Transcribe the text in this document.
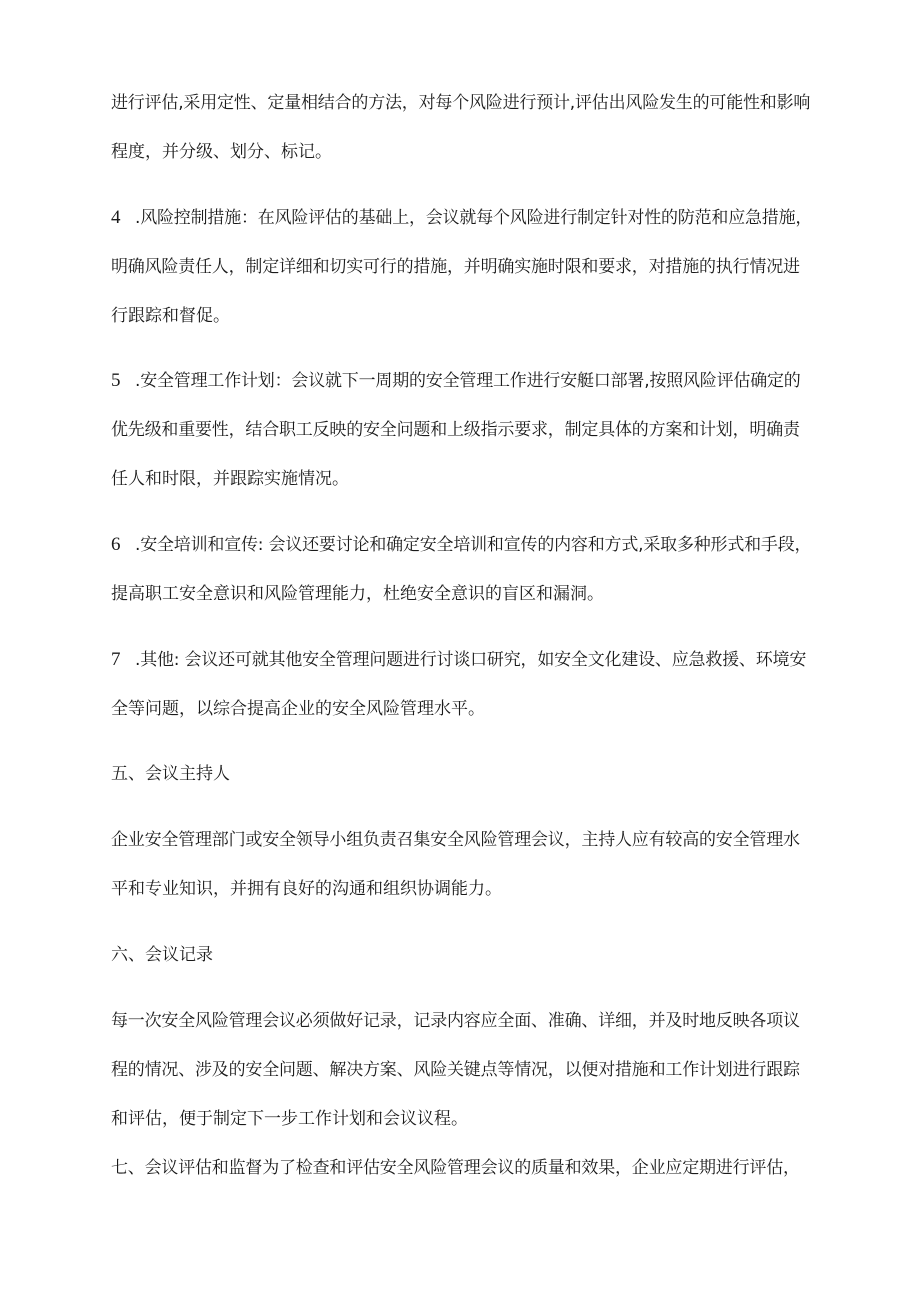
进行评估,采用定性、定量相结合的方法，对每个风险进行预计,评估出风险发生的可能性和影响
程度，并分级、划分、标记。
4 .风险控制措施：在风险评估的基础上，会议就每个风险进行制定针对性的防范和应急措施，
明确风险责任人，制定详细和切实可行的措施，并明确实施时限和要求，对措施的执行情况进
行跟踪和督促。
5 .安全管理工作计划：会议就下一周期的安全管理工作进行安艇口部署,按照风险评估确定的
优先级和重要性，结合职工反映的安全问题和上级指示要求，制定具体的方案和计划，明确责
任人和时限，并跟踪实施情况。
6 .安全培训和宣传: 会议还要讨论和确定安全培训和宣传的内容和方式,采取多种形式和手段，
提高职工安全意识和风险管理能力，杜绝安全意识的盲区和漏洞。
7 .其他: 会议还可就其他安全管理问题进行讨谈口研究，如安全文化建设、应急救援、环境安
全等问题，以综合提高企业的安全风险管理水平。
五、会议主持人
企业安全管理部门或安全领导小组负责召集安全风险管理会议，主持人应有较高的安全管理水
平和专业知识，并拥有良好的沟通和组织协调能力。
六、会议记录
每一次安全风险管理会议必须做好记录，记录内容应全面、准确、详细，并及时地反映各项议
程的情况、涉及的安全问题、解决方案、风险关键点等情况，以便对措施和工作计划进行跟踪
和评估，便于制定下一步工作计划和会议议程。
七、会议评估和监督为了检查和评估安全风险管理会议的质量和效果，企业应定期进行评估，
